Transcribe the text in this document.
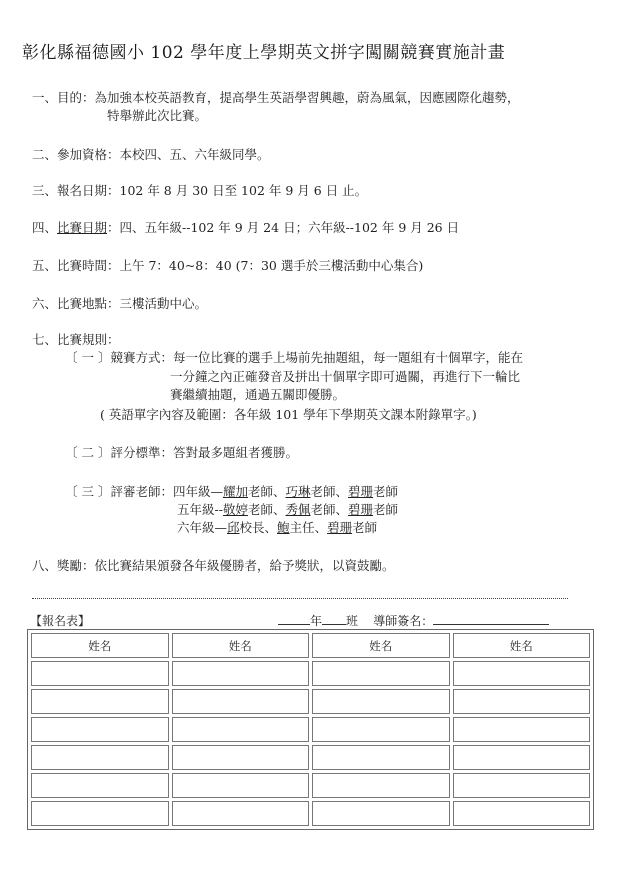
彰化縣福德國小 102 學年度上學期英文拼字闖關競賽實施計畫
一、目的：為加強本校英語教育，提高學生英語學習興趣，蔚為風氣，因應國際化趨勢，
特舉辦此次比賽。
二、參加資格：本校四、五、六年級同學。
三、報名日期：102 年 8 月 30 日至 102 年 9 月 6 日 止。
四、比賽日期：四、五年級--102 年 9 月 24 日；六年級--102 年 9 月 26 日
五、比賽時間：上午 7：40~8：40 (7：30 選手於三樓活動中心集合)
六、比賽地點：三樓活動中心。
七、比賽規則：
〔 一 〕競賽方式：每一位比賽的選手上場前先抽題組，每一題組有十個單字，能在
一分鐘之內正確發音及拼出十個單字即可過關，再進行下一輪比
賽繼續抽題，通過五關即優勝。
( 英語單字內容及範圍：各年級 101 學年下學期英文課本附錄單字。)
〔 二 〕評分標準：答對最多題組者獲勝。
〔 三 〕評審老師：四年級—耀加老師、巧琳老師、碧珊老師
五年級--敬婷老師、秀佩老師、碧珊老師
六年級—邱校長、鮑主任、碧珊老師
八、獎勵：依比賽結果頒發各年級優勝者，給予獎狀，以資鼓勵。
【報名表】	年 班 導師簽名：
姓名	姓名	姓名	姓名
